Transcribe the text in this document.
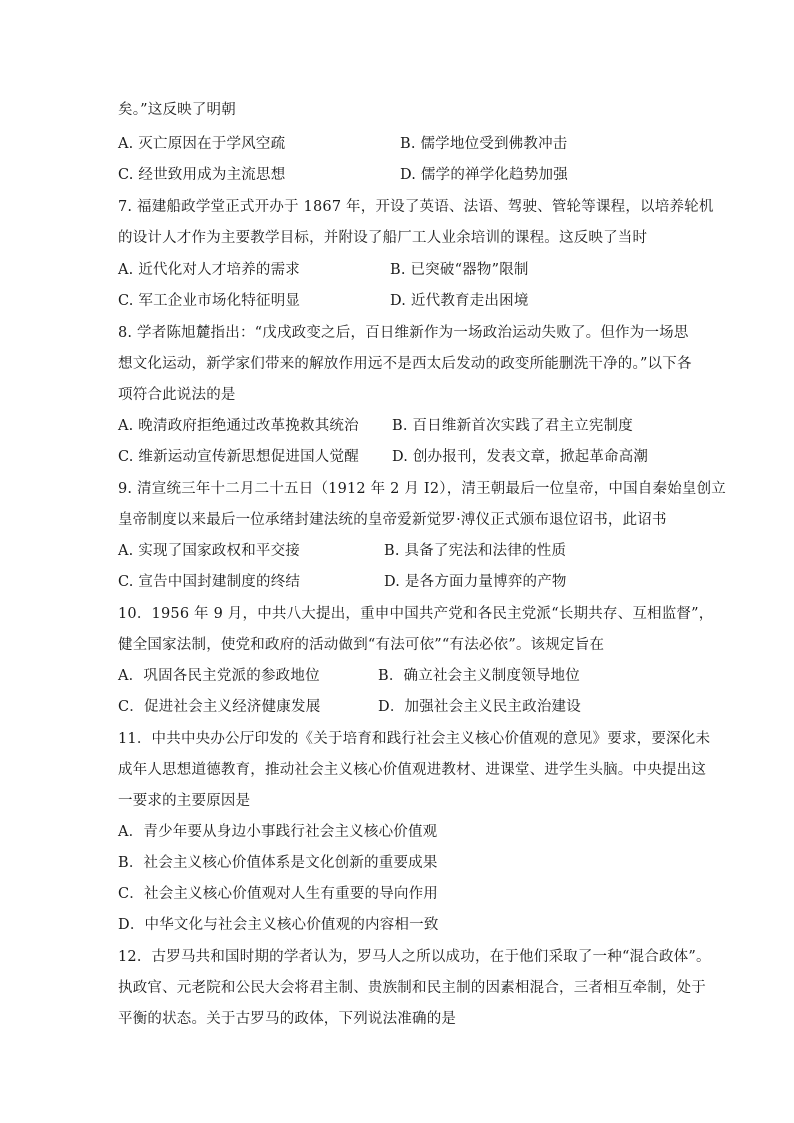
矣。”这反映了明朝
A. 灭亡原因在于学风空疏	B. 儒学地位受到佛教冲击
C. 经世致用成为主流思想	D. 儒学的禅学化趋势加强
7. 福建船政学堂正式开办于 1867 年，开设了英语、法语、驾驶、管轮等课程，以培养轮机
的设计人才作为主要教学目标，并附设了船厂工人业余培训的课程。这反映了当时
A. 近代化对人才培养的需求	B. 已突破“器物”限制
C. 军工企业市场化特征明显	D. 近代教育走出困境
8. 学者陈旭麓指出：“戊戌政变之后，百日维新作为一场政治运动失败了。但作为一场思
想文化运动，新学家们带来的解放作用远不是西太后发动的政变所能删洗干净的。”以下各
项符合此说法的是
A. 晚清政府拒绝通过改革挽救其统治 B. 百日维新首次实践了君主立宪制度
C. 维新运动宣传新思想促进国人觉醒 D. 创办报刊，发表文章，掀起革命高潮
9. 清宣统三年十二月二十五日（1912 年 2 月 I2），清王朝最后一位皇帝，中国自秦始皇创立
皇帝制度以来最后一位承绪封建法统的皇帝爱新觉罗·溥仪正式颁布退位诏书，此诏书
A. 实现了国家政权和平交接	B. 具备了宪法和法律的性质
C. 宣告中国封建制度的终结	D. 是各方面力量博弈的产物
10．1956 年 9 月，中共八大提出，重申中国共产党和各民主党派“长期共存、互相监督”，
健全国家法制，使党和政府的活动做到“有法可依”“有法必依”。该规定旨在
A．巩固各民主党派的参政地位	B．确立社会主义制度领导地位
C．促进社会主义经济健康发展	D．加强社会主义民主政治建设
11．中共中央办公厅印发的《关于培育和践行社会主义核心价值观的意见》要求，要深化未
成年人思想道德教育，推动社会主义核心价值观进教材、进课堂、进学生头脑。中央提出这
一要求的主要原因是
A．青少年要从身边小事践行社会主义核心价值观
B．社会主义核心价值体系是文化创新的重要成果
C．社会主义核心价值观对人生有重要的导向作用
D．中华文化与社会主义核心价值观的内容相一致
12．古罗马共和国时期的学者认为，罗马人之所以成功，在于他们采取了一种“混合政体”。
执政官、元老院和公民大会将君主制、贵族制和民主制的因素相混合，三者相互牵制，处于
平衡的状态。关于古罗马的政体，下列说法准确的是
